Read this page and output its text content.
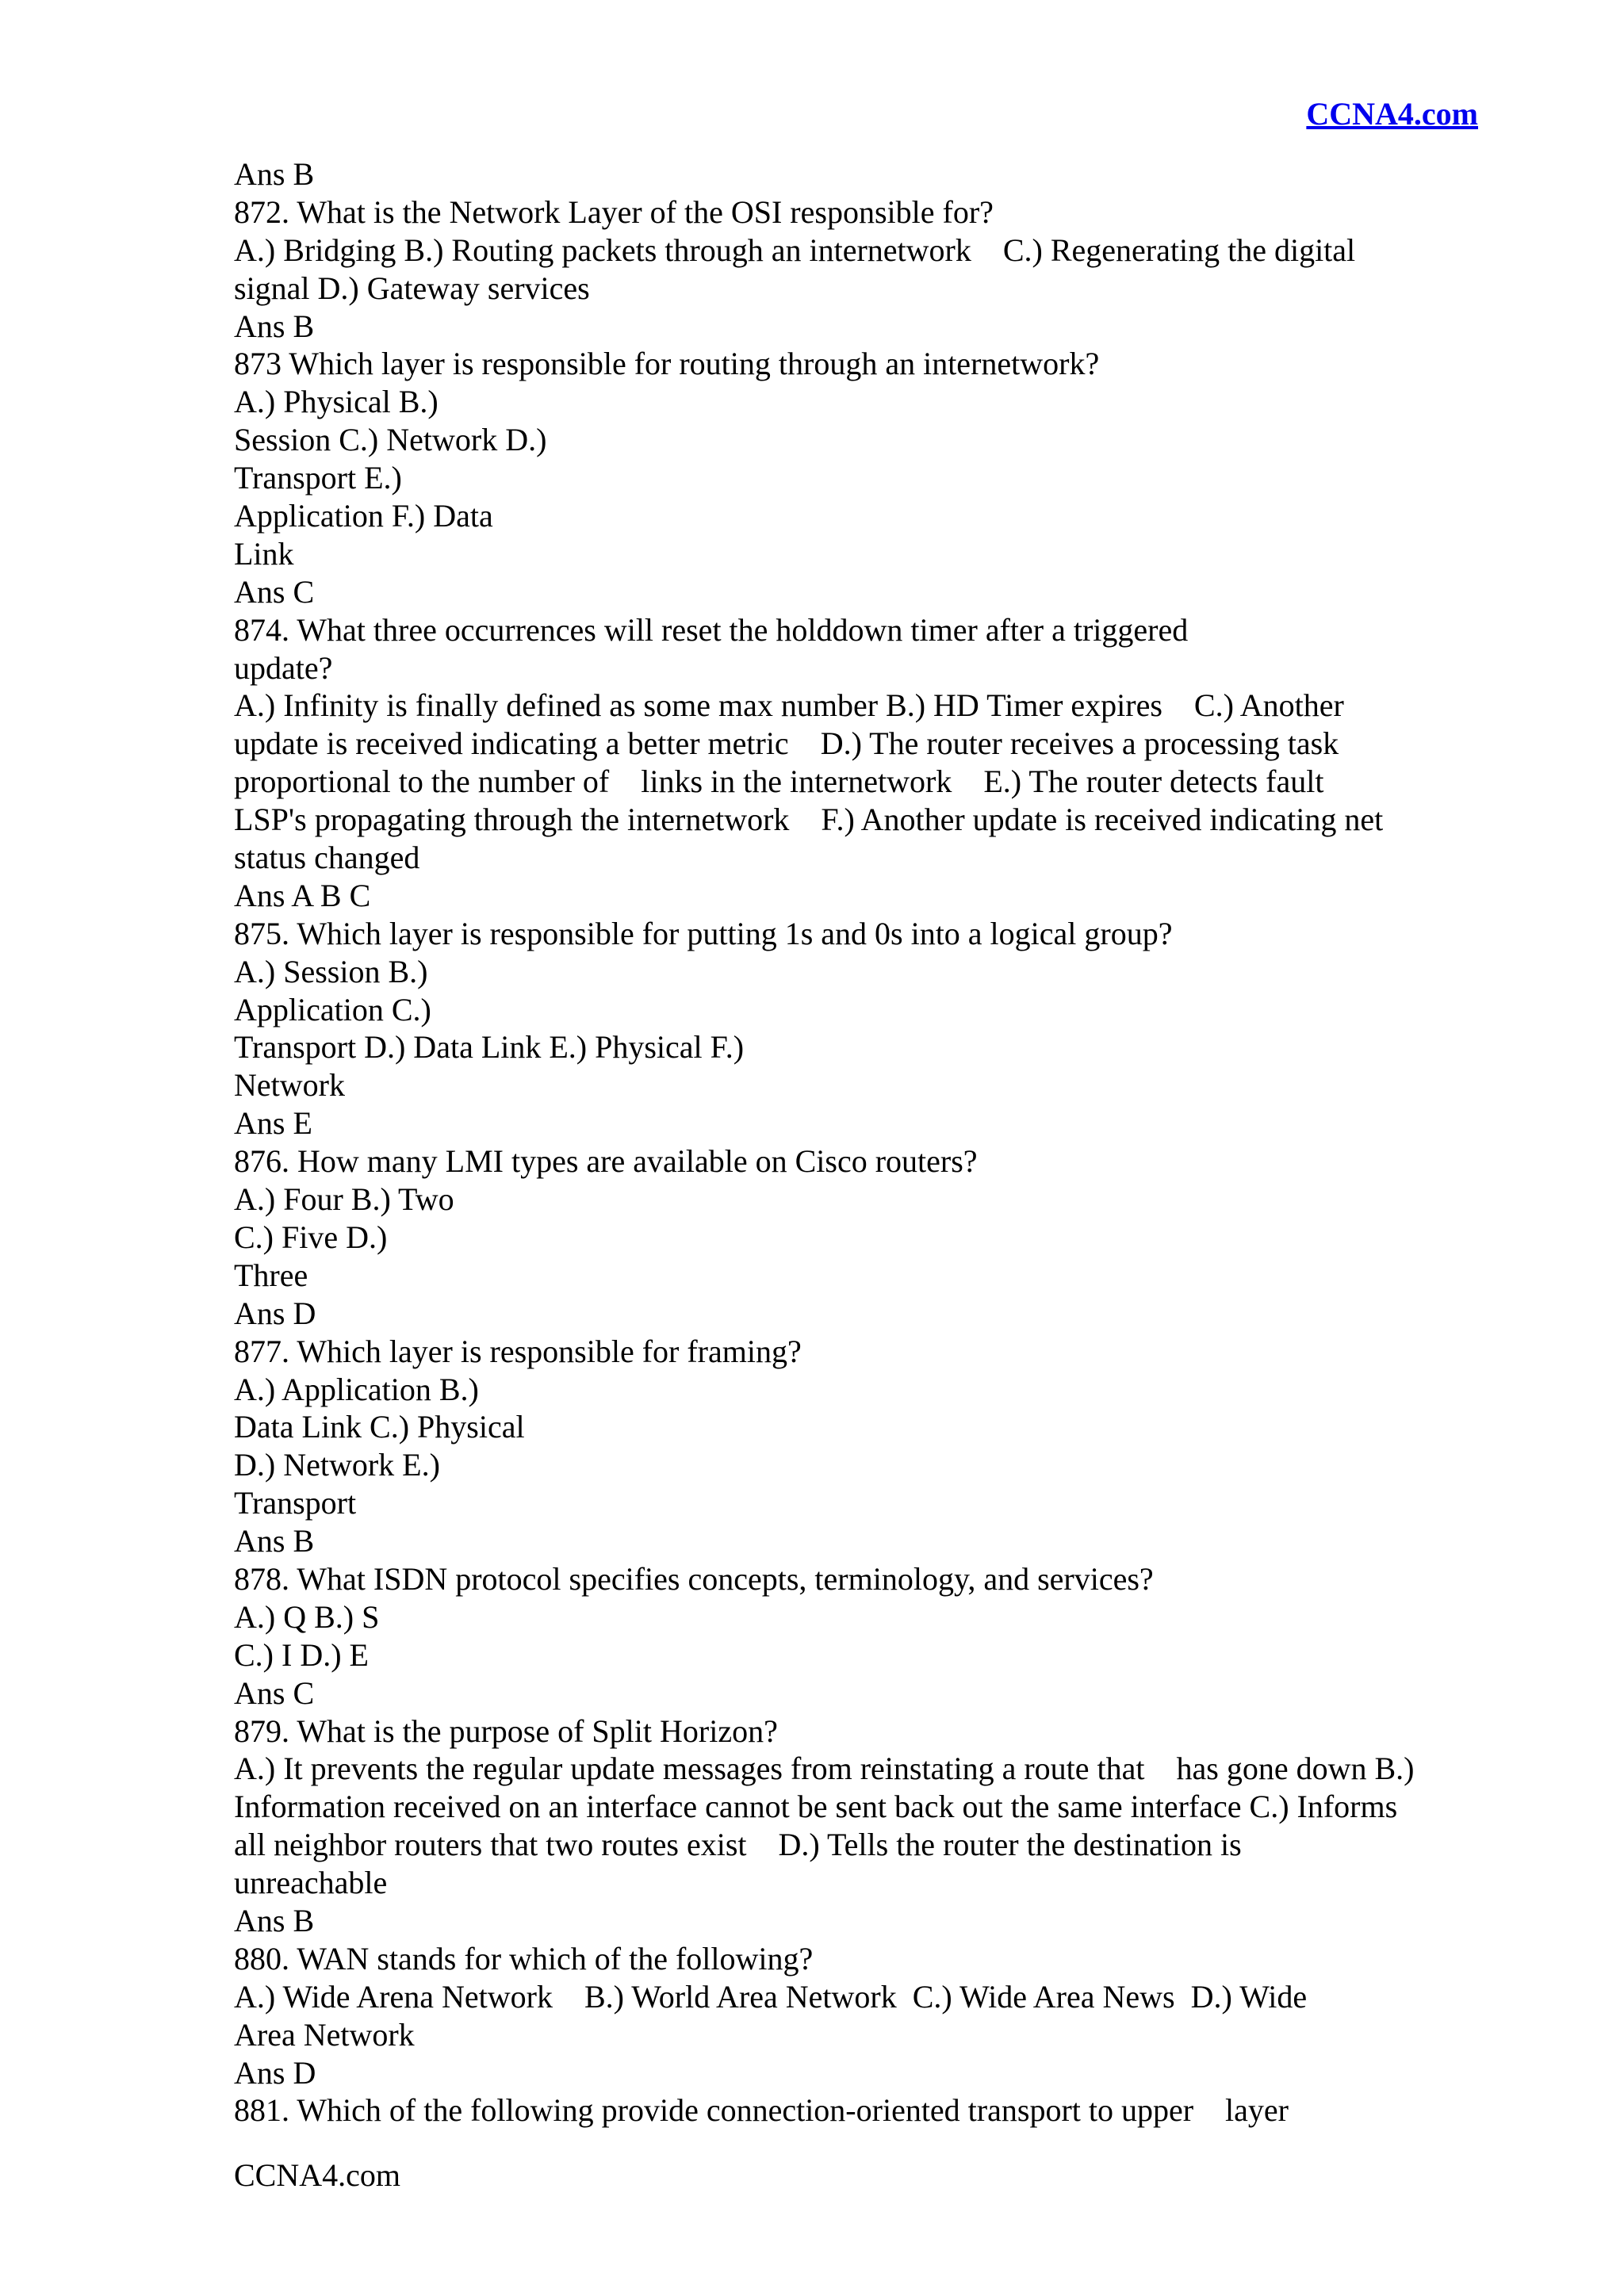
CCNA4.com
Ans B
872. What is the Network Layer of the OSI responsible for?
A.) Bridging B.) Routing packets through an internetwork    C.) Regenerating the digital
signal D.) Gateway services
Ans B
873 Which layer is responsible for routing through an internetwork?
A.) Physical B.)
Session C.) Network D.)
Transport E.)
Application F.) Data
Link
Ans C
874. What three occurrences will reset the holddown timer after a triggered
update?
A.) Infinity is finally defined as some max number B.) HD Timer expires    C.) Another
update is received indicating a better metric    D.) The router receives a processing task
proportional to the number of    links in the internetwork    E.) The router detects fault
LSP's propagating through the internetwork    F.) Another update is received indicating net
status changed
Ans A B C
875. Which layer is responsible for putting 1s and 0s into a logical group?
A.) Session B.)
Application C.)
Transport D.) Data Link E.) Physical F.)
Network
Ans E
876. How many LMI types are available on Cisco routers?
A.) Four B.) Two
C.) Five D.)
Three
Ans D
877. Which layer is responsible for framing?
A.) Application B.)
Data Link C.) Physical
D.) Network E.)
Transport
Ans B
878. What ISDN protocol specifies concepts, terminology, and services?
A.) Q B.) S
C.) I D.) E
Ans C
879. What is the purpose of Split Horizon?
A.) It prevents the regular update messages from reinstating a route that    has gone down B.)
Information received on an interface cannot be sent back out the same interface C.) Informs
all neighbor routers that two routes exist    D.) Tells the router the destination is
unreachable
Ans B
880. WAN stands for which of the following?
A.) Wide Arena Network    B.) World Area Network  C.) Wide Area News  D.) Wide
Area Network
Ans D
881. Which of the following provide connection-oriented transport to upper    layer
CCNA4.com
